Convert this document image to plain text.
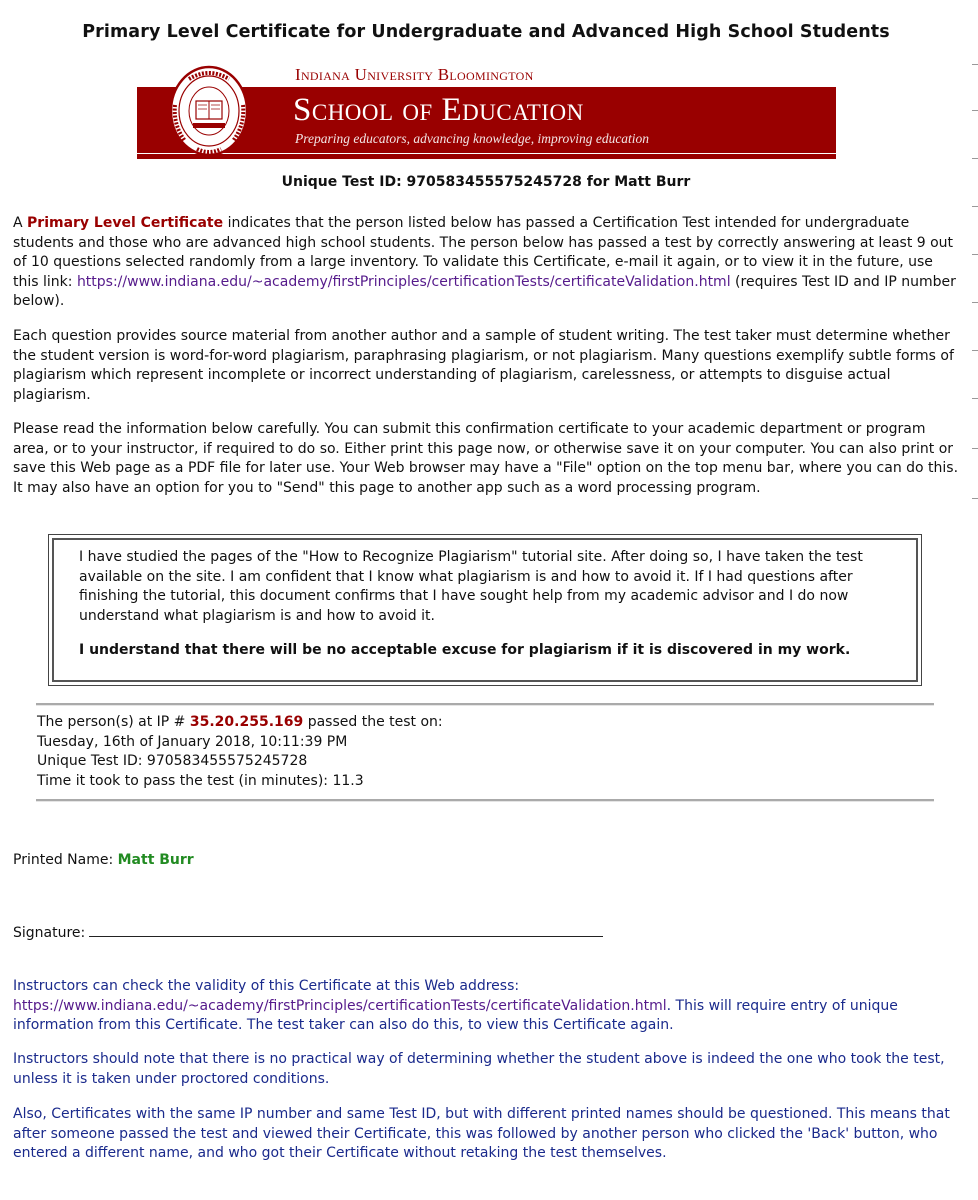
Primary Level Certificate for Undergraduate and Advanced High School Students
Indiana University Bloomington
School of Education
Preparing educators, advancing knowledge, improving education
Unique Test ID: 970583455575245728 for Matt Burr

A Primary Level Certificate indicates that the person listed below has passed a Certification Test intended for undergraduate students and those who are advanced high school students. The person below has passed a test by correctly answering at least 9 out of 10 questions selected randomly from a large inventory. To validate this Certificate, e-mail it again, or to view it in the future, use this link: https://www.indiana.edu/~academy/firstPrinciples/certificationTests/certificateValidation.html (requires Test ID and IP number below).

Each question provides source material from another author and a sample of student writing. The test taker must determine whether the student version is word-for-word plagiarism, paraphrasing plagiarism, or not plagiarism. Many questions exemplify subtle forms of plagiarism which represent incomplete or incorrect understanding of plagiarism, carelessness, or attempts to disguise actual plagiarism.

Please read the information below carefully. You can submit this confirmation certificate to your academic department or program area, or to your instructor, if required to do so. Either print this page now, or otherwise save it on your computer. You can also print or save this Web page as a PDF file for later use. Your Web browser may have a "File" option on the top menu bar, where you can do this. It may also have an option for you to "Send" this page to another app such as a word processing program.

I have studied the pages of the "How to Recognize Plagiarism" tutorial site. After doing so, I have taken the test available on the site. I am confident that I know what plagiarism is and how to avoid it. If I had questions after finishing the tutorial, this document confirms that I have sought help from my academic advisor and I do now understand what plagiarism is and how to avoid it.

I understand that there will be no acceptable excuse for plagiarism if it is discovered in my work.

The person(s) at IP # 35.20.255.169 passed the test on:
Tuesday, 16th of January 2018, 10:11:39 PM
Unique Test ID: 970583455575245728
Time it took to pass the test (in minutes): 11.3
Printed Name: Matt Burr
Signature:

Instructors can check the validity of this Certificate at this Web address:
https://www.indiana.edu/~academy/firstPrinciples/certificationTests/certificateValidation.html. This will require entry of unique information from this Certificate. The test taker can also do this, to view this Certificate again.

Instructors should note that there is no practical way of determining whether the student above is indeed the one who took the test, unless it is taken under proctored conditions.

Also, Certificates with the same IP number and same Test ID, but with different printed names should be questioned. This means that after someone passed the test and viewed their Certificate, this was followed by another person who clicked the 'Back' button, who entered a different name, and who got their Certificate without retaking the test themselves.
